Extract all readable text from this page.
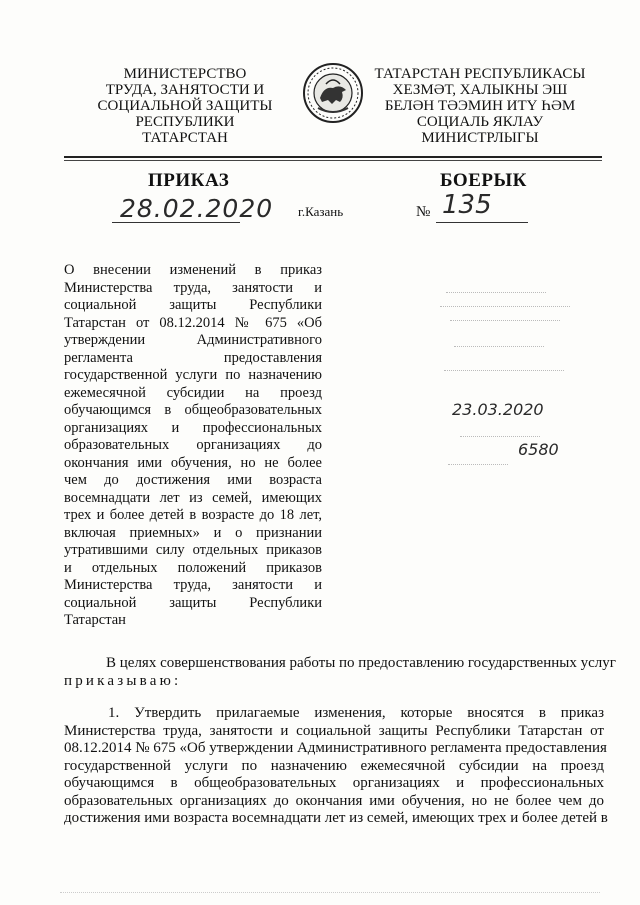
МИНИСТЕРСТВО
ТРУДА, ЗАНЯТОСТИ И
СОЦИАЛЬНОЙ ЗАЩИТЫ
РЕСПУБЛИКИ
ТАТАРСТАН
ТАТАРСТАН РЕСПУБЛИКАСЫ
ХЕЗМӘТ, ХАЛЫКНЫ ЭШ
БЕЛӘН ТӘЭМИН ИТҮ ҺӘМ
СОЦИАЛЬ ЯКЛАУ
МИНИСТРЛЫГЫ
ПРИКАЗ	БОЕРЫК
28.02.2020 г.Казань	№ 135
О внесении изменений в приказ
Министерства труда, занятости и
социальной защиты Республики
Татарстан от 08.12.2014 № 675 «Об
утверждении Административного
регламента предоставления
государственной услуги по назначению
ежемесячной субсидии на проезд
обучающимся в общеобразовательных
организациях и профессиональных
образовательных организациях до
окончания ими обучения, но не более
чем до достижения ими возраста
восемнадцати лет из семей, имеющих
трех и более детей в возрасте до 18 лет,
включая приемных» и о признании
утратившими силу отдельных приказов
и отдельных положений приказов
Министерства труда, занятости и
социальной защиты Республики
Татарстан
23.03.2020
6580
В целях совершенствования работы по предоставлению государственных услуг
приказываю:
1. Утвердить прилагаемые изменения, которые вносятся в приказ
Министерства труда, занятости и социальной защиты Республики Татарстан от
08.12.2014 № 675 «Об утверждении Административного регламента предоставления
государственной услуги по назначению ежемесячной субсидии на проезд
обучающимся в общеобразовательных организациях и профессиональных
образовательных организациях до окончания ими обучения, но не более чем до
достижения ими возраста восемнадцати лет из семей, имеющих трех и более детей в
